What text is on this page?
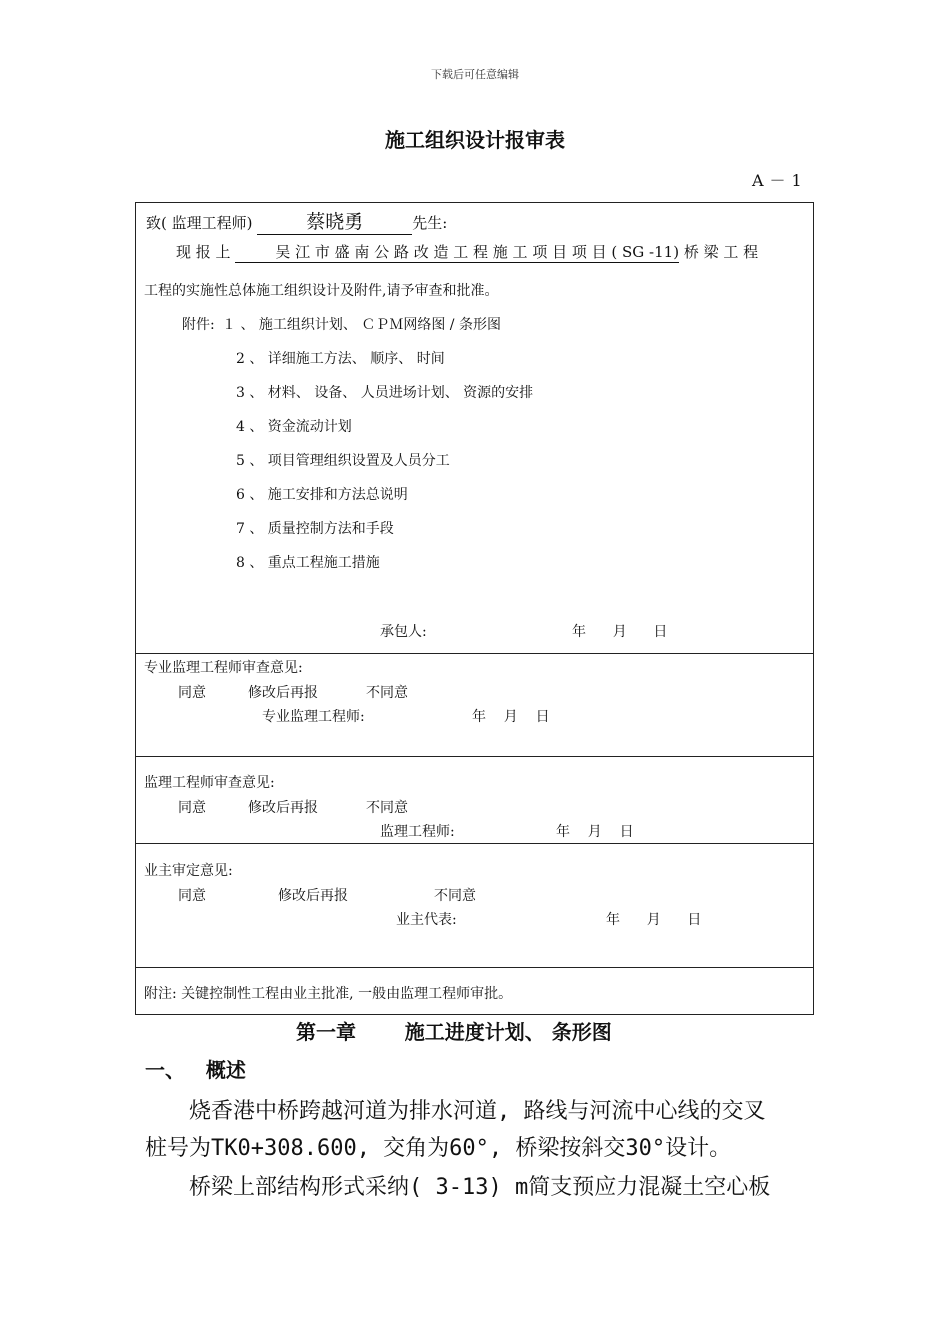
下载后可任意编辑
施工组织设计报审表
A－1
致( 监理工程师)	蔡晓勇	先生:
现 报 上	吴 江 市 盛 南 公 路 改 造 工 程 施 工 项 目 项 目 ( SG -11) 桥 梁 工 程
工程的实施性总体施工组织设计及附件,请予审查和批准。
附件: １ 、 施工组织计划、 ＣＰＭ网络图 / 条形图
2 、 详细施工方法、 顺序、 时间
3 、 材料、 设备、 人员进场计划、 资源的安排
4 、 资金流动计划
5 、 项目管理组织设置及人员分工
6 、 施工安排和方法总说明
7 、 质量控制方法和手段
8 、 重点工程施工措施
承包人:	年      月      日
专业监理工程师审查意见:
同意	修改后再报	不同意
专业监理工程师:	年    月    日
监理工程师审查意见:
同意	修改后再报	不同意
监理工程师:	年    月    日
业主审定意见:
同意	修改后再报	不同意
业主代表:	年      月      日
附注: 关键控制性工程由业主批准, 一般由监理工程师审批。
第一章       施工进度计划、 条形图
一、   概述
　　烧香港中桥跨越河道为排水河道, 路线与河流中心线的交叉
桩号为TK0+308.600, 交角为60°, 桥梁按斜交30°设计。
　　桥梁上部结构形式采纳( 3-13) m简支预应力混凝土空心板
